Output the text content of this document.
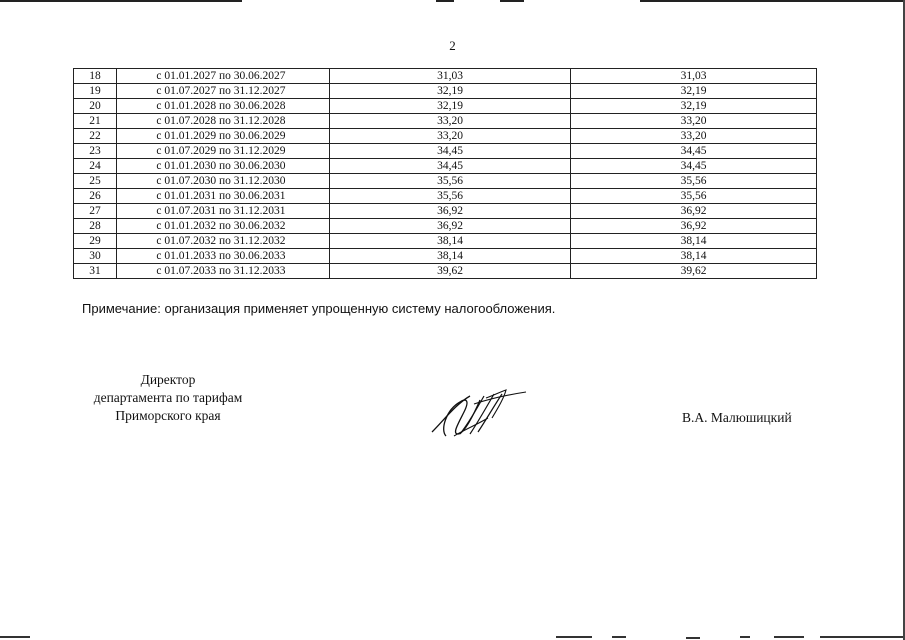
2
18	с 01.01.2027 по 30.06.2027	31,03	31,03
19	с 01.07.2027 по 31.12.2027	32,19	32,19
20	с 01.01.2028 по 30.06.2028	32,19	32,19
21	с 01.07.2028 по 31.12.2028	33,20	33,20
22	с 01.01.2029 по 30.06.2029	33,20	33,20
23	с 01.07.2029 по 31.12.2029	34,45	34,45
24	с 01.01.2030 по 30.06.2030	34,45	34,45
25	с 01.07.2030 по 31.12.2030	35,56	35,56
26	с 01.01.2031 по 30.06.2031	35,56	35,56
27	с 01.07.2031 по 31.12.2031	36,92	36,92
28	с 01.01.2032 по 30.06.2032	36,92	36,92
29	с 01.07.2032 по 31.12.2032	38,14	38,14
30	с 01.01.2033 по 30.06.2033	38,14	38,14
31	с 01.07.2033 по 31.12.2033	39,62	39,62
Примечание: организация применяет упрощенную систему налогообложения.
Директор
департамента по тарифам
Приморского края	В.А. Малюшицкий
